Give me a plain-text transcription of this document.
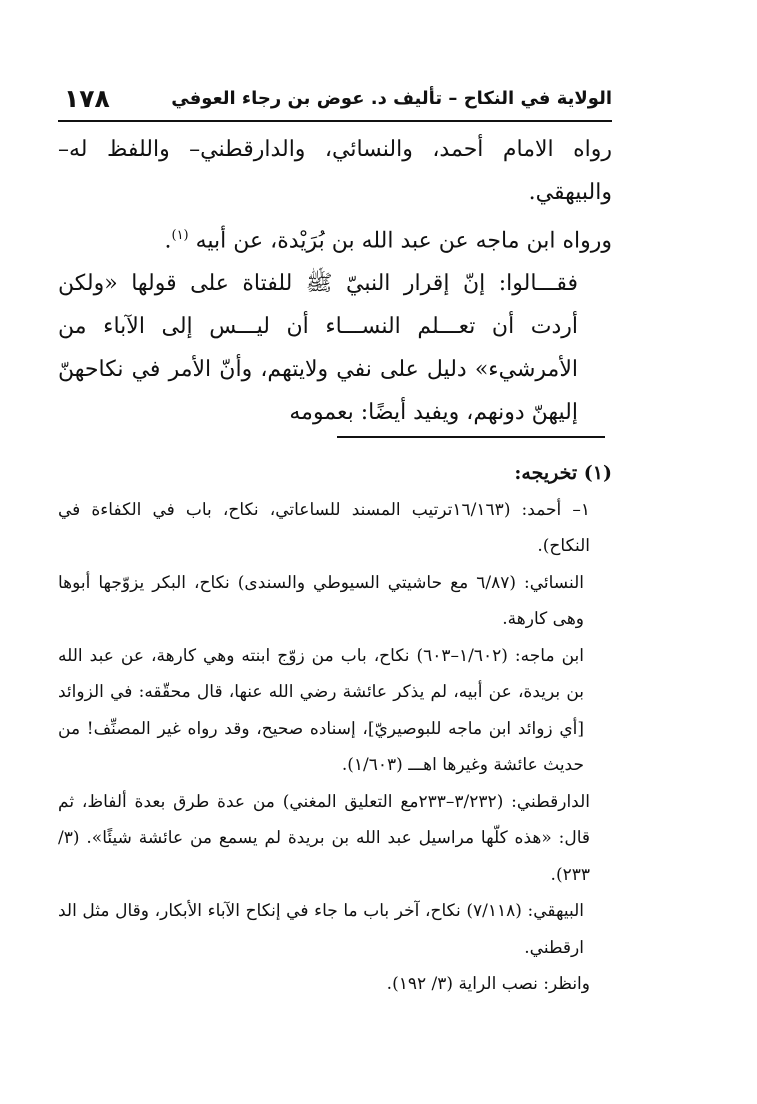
الولاية في النكاح – تأليف د. عوض بن رجاء العوفي
١٧٨

رواه الامام أحمد، والنسائي، والدارقطني– واللفظ له– والبيهقي.

ورواه ابن ماجه عن عبد الله بن بُرَيْدة، عن أبيه $^{(١)}$.

فقـــالوا: إنّ إقرار النبيّ ﷺ للفتاة على قولها «ولكن أردت أن تعـــلم النســـاء أن ليـــس إلى الآباء من الأمرشيء» دليل على نفي ولايتهم، وأنّ الأمر في نكاحهنّ إليهنّ دونهم، ويفيد أيضًا: بعمومه

(١) تخريجه:

١– أحمد: (١٦/١٦٣ترتيب المسند للساعاتي، نكاح، باب في الكفاءة في النكاح).

النسائي: (٦/٨٧ مع حاشيتي السيوطي والسندى) نكاح، البكر يزوّجها أبوها وهى كارهة.

ابن ماجه: (١/٦٠٢–٦٠٣) نكاح، باب من زوّج ابنته وهي كارهة، عن عبد الله بن بريدة، عن أبيه، لم يذكر عائشة رضي الله عنها، قال محقّقه: في الزوائد [أي زوائد ابن ماجه للبوصيريّ]، إسناده صحيح، وقد رواه غير المصنِّف! من حديث عائشة وغيرها اهـــ (١/٦٠٣).

الدارقطني: (٣/٢٣٢–٢٣٣مع التعليق المغني) من عدة طرق بعدة ألفاظ، ثم قال: «هذه كلّها مراسيل عبد الله بن بريدة لم يسمع من عائشة شيئًا». (٣/ ٢٣٣).

البيهقي: (٧/١١٨) نكاح، آخر باب ما جاء في إنكاح الآباء الأبكار، وقال مثل الد ارقطني.

وانظر: نصب الراية (٣/ ١٩٢).
